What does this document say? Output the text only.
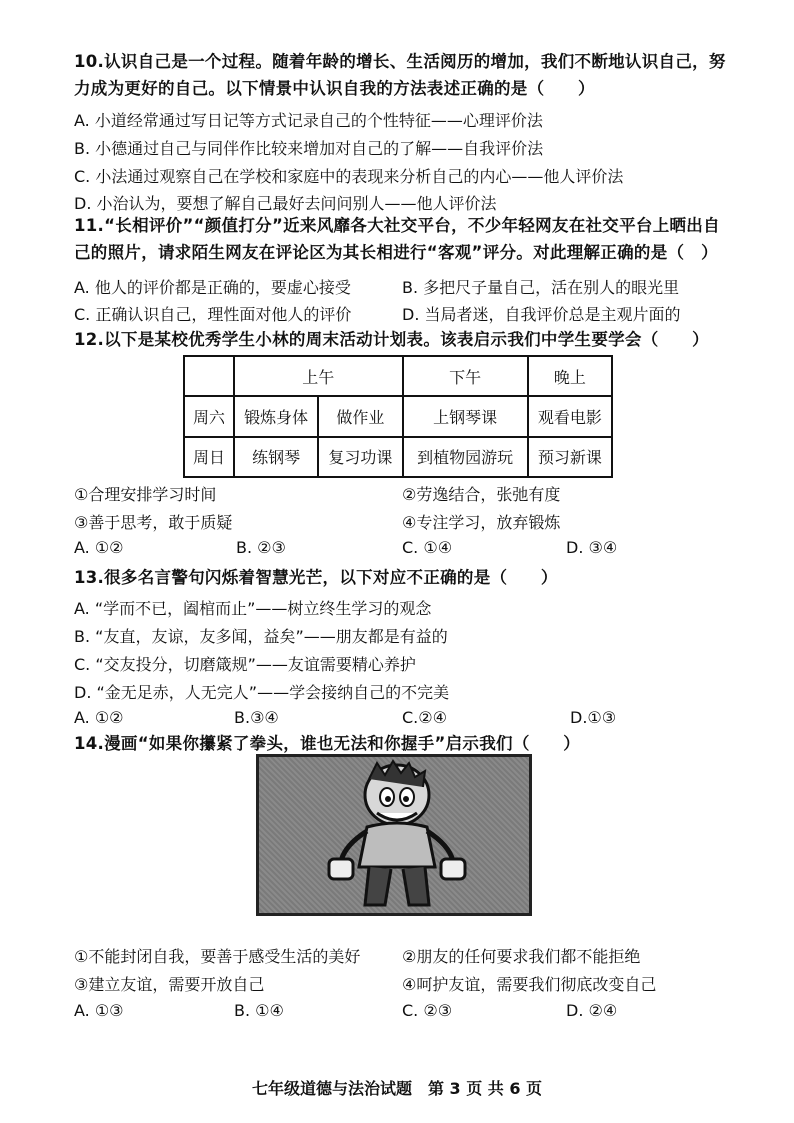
10.认识自己是一个过程。随着年龄的增长、生活阅历的增加，我们不断地认识自己，努力成为更好的自己。以下情景中认识自我的方法表述正确的是（　　）
A. 小道经常通过写日记等方式记录自己的个性特征——心理评价法
B. 小德通过自己与同伴作比较来增加对自己的了解——自我评价法
C. 小法通过观察自己在学校和家庭中的表现来分析自己的内心——他人评价法
D. 小治认为，要想了解自己最好去问问别人——他人评价法
11.“长相评价”“颜值打分”近来风靡各大社交平台，不少年轻网友在社交平台上晒出自己的照片，请求陌生网友在评论区为其长相进行“客观”评分。对此理解正确的是（　）
A. 他人的评价都是正确的，要虚心接受	B. 多把尺子量自己，活在别人的眼光里
C. 正确认识自己，理性面对他人的评价	D. 当局者迷，自我评价总是主观片面的
12.以下是某校优秀学生小林的周末活动计划表。该表启示我们中学生要学会（　　）
	上午		下午	晚上
周六	锻炼身体	做作业	上钢琴课	观看电影
周日	练钢琴	复习功课	到植物园游玩	预习新课
①合理安排学习时间	②劳逸结合，张弛有度
③善于思考，敢于质疑	④专注学习，放弃锻炼
A. ①②	B. ②③	C. ①④	D. ③④
13.很多名言警句闪烁着智慧光芒，以下对应不正确的是（　　）
A. “学而不已，阖棺而止”——树立终生学习的观念
B. “友直，友谅，友多闻，益矣”——朋友都是有益的
C. “交友投分，切磨箴规”——友谊需要精心养护
D. “金无足赤，人无完人”——学会接纳自己的不完美
A. ①②	B.③④	C.②④	D.①③
14.漫画“如果你攥紧了拳头，谁也无法和你握手”启示我们（　　）
①不能封闭自我，要善于感受生活的美好	②朋友的任何要求我们都不能拒绝
③建立友谊，需要开放自己	④呵护友谊，需要我们彻底改变自己
A. ①③	B. ①④	C. ②③	D. ②④
七年级道德与法治试题　第 3 页 共 6 页
